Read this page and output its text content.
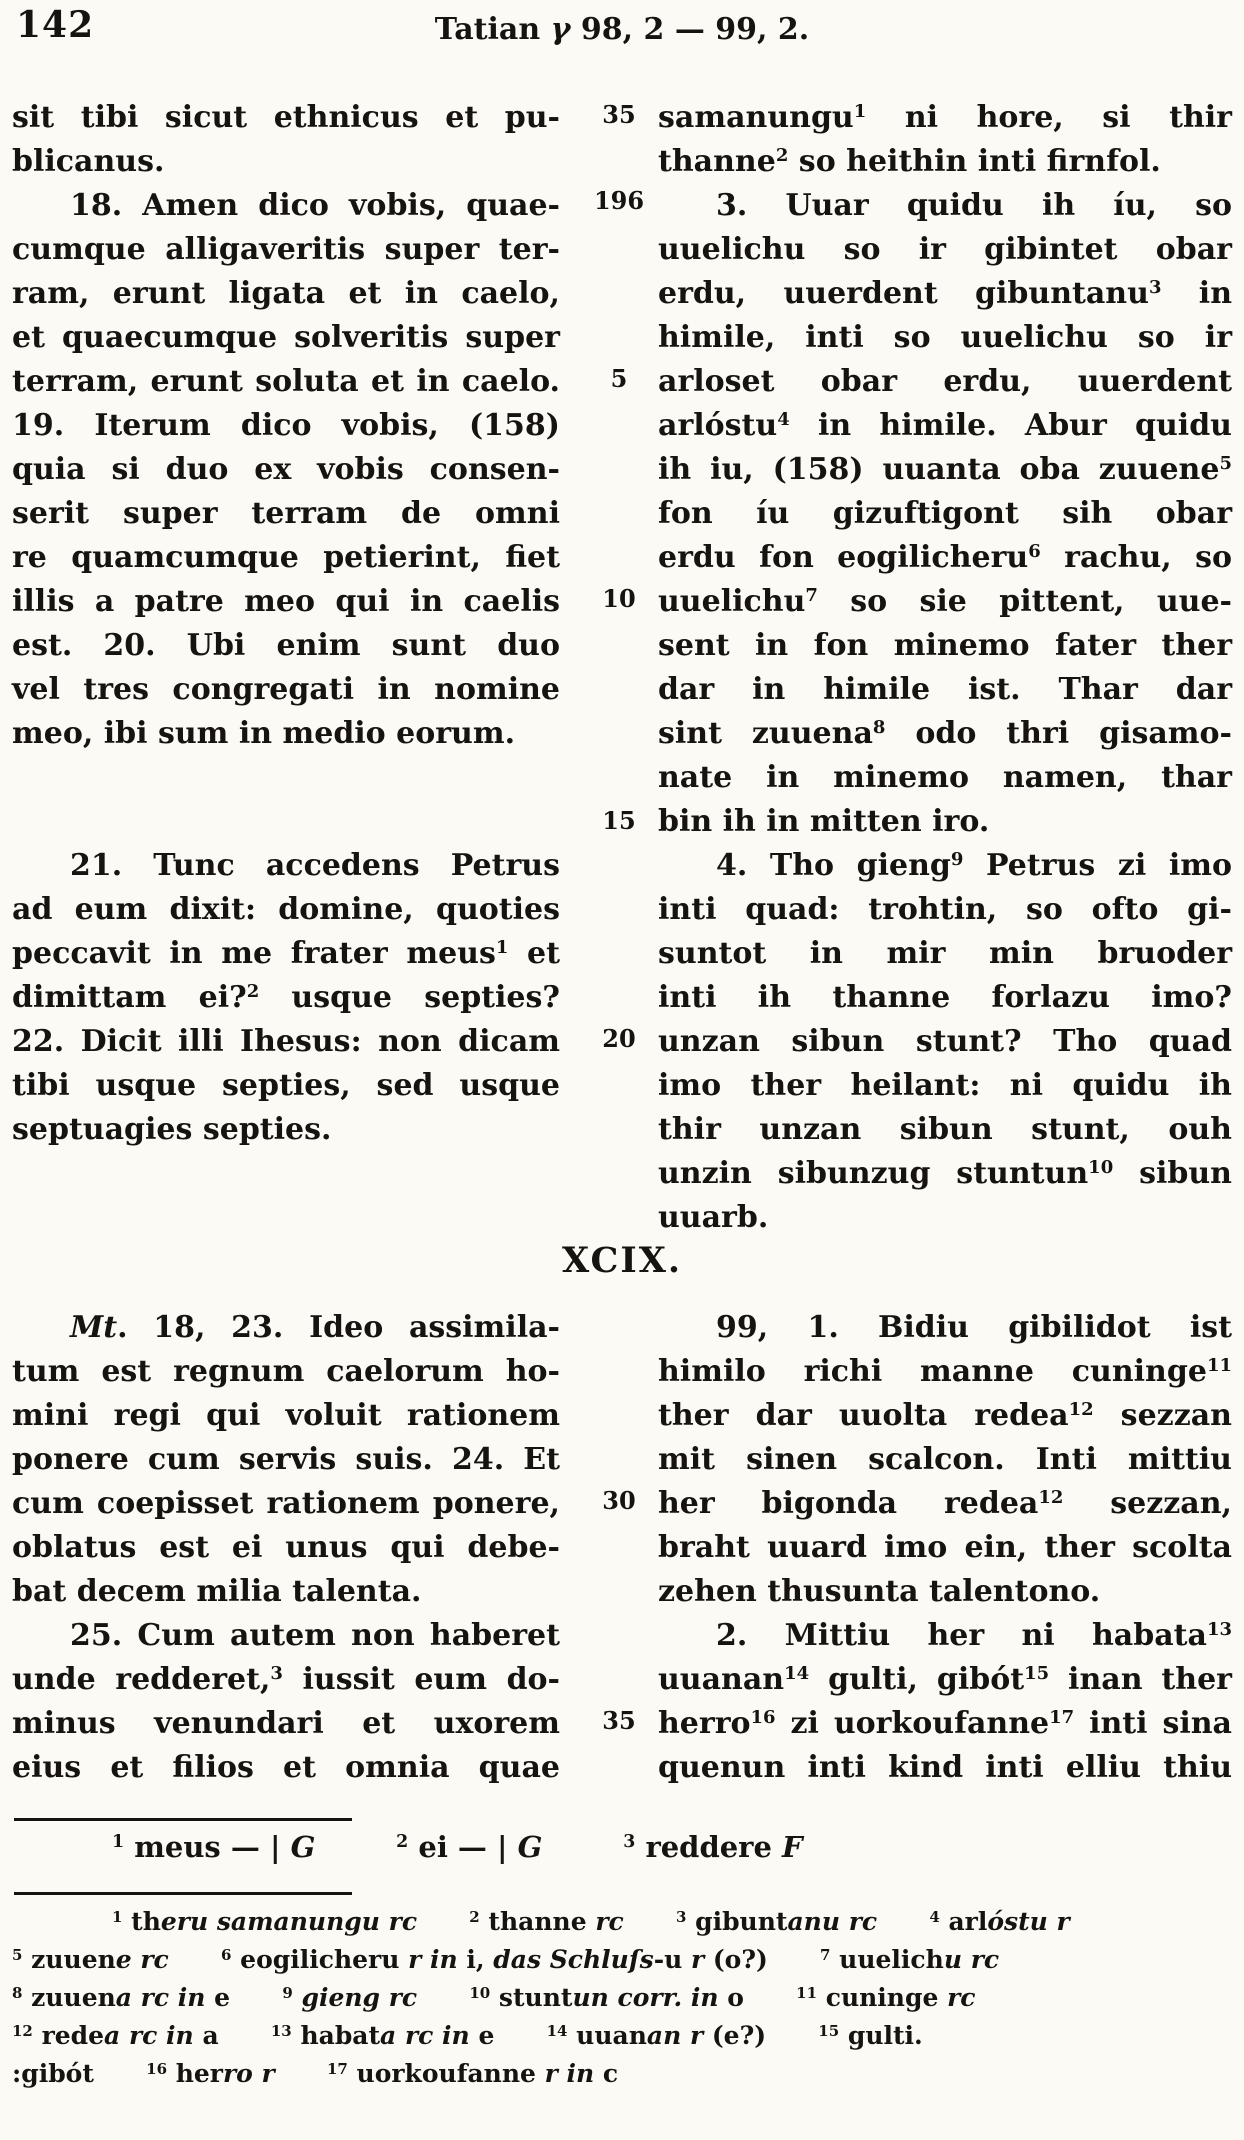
142	Tatian γ 98, 2 — 99, 2.
sit tibi sicut ethnicus et pu-
blicanus.
18. Amen dico vobis, quae-
cumque alligaveritis super ter-
ram, erunt ligata et in caelo,
et quaecumque solveritis super
terram, erunt soluta et in caelo.
19. Iterum dico vobis, (158)
quia si duo ex vobis consen-
serit super terram de omni
re quamcumque petierint, fiet
illis a patre meo qui in caelis
est. 20. Ubi enim sunt duo
vel tres congregati in nomine
meo, ibi sum in medio eorum.
21. Tunc accedens Petrus
ad eum dixit: domine, quoties
peccavit in me frater meus$^1$ et
dimittam ei?$^2$ usque septies?
22. Dicit illi Ihesus: non dicam
tibi usque septies, sed usque
septuagies septies.
samanungu$^1$ ni hore, si thir
thanne$^2$ so heithin inti firnfol.
3. Uuar quidu ih íu, so
uuelichu so ir gibintet obar
erdu, uuerdent gibuntanu$^3$ in
himile, inti so uuelichu so ir
arloset obar erdu, uuerdent
arlóstu$^4$ in himile. Abur quidu
ih iu, (158) uuanta oba zuuene$^5$
fon íu gizuftigont sih obar
erdu fon eogilicheru$^6$ rachu, so
uuelichu$^7$ so sie pittent, uue-
sent in fon minemo fater ther
dar in himile ist. Thar dar
sint zuuena$^8$ odo thri gisamo-
nate in minemo namen, thar
bin ih in mitten iro.
4. Tho gieng$^9$ Petrus zi imo
inti quad: trohtin, so ofto gi-
suntot in mir min bruoder
inti ih thanne forlazu imo?
unzan sibun stunt? Tho quad
imo ther heilant: ni quidu ih
thir unzan sibun stunt, ouh
unzin sibunzug stuntun$^{10}$ sibun
uuarb.
35
196
5
10
15
20
30
35
XCIX.
Mt. 18, 23. Ideo assimila-
tum est regnum caelorum ho-
mini regi qui voluit rationem
ponere cum servis suis. 24. Et
cum coepisset rationem ponere,
oblatus est ei unus qui debe-
bat decem milia talenta.
25. Cum autem non haberet
unde redderet,$^3$ iussit eum do-
minus venundari et uxorem
eius et filios et omnia quae
99, 1. Bidiu gibilidot ist
himilo richi manne cuninge$^{11}$
ther dar uuolta redea$^{12}$ sezzan
mit sinen scalcon. Inti mittiu
her bigonda redea$^{12}$ sezzan,
braht uuard imo ein, ther scolta
zehen thusunta talentono.
2. Mittiu her ni habata$^{13}$
uuanan$^{14}$ gulti, gibót$^{15}$ inan ther
herro$^{16}$ zi uorkoufanne$^{17}$ inti sina
quenun inti kind inti elliu thiu
$^1$ meus — | G	$^2$ ei — | G	$^3$ reddere F
$^1$ theru samanungu rc	$^2$ thanne rc	$^3$ gibuntanu rc	$^4$ arlóstu r
$^5$ zuuene rc	$^6$ eogilicheru r in i, das Schluſs-u r (o?)      $^7$ uuelichu rc
$^8$ zuuena rc in e      $^9$ gieng rc	$^{10}$ stuntun corr. in o      $^{11}$ cuninge rc
$^{12}$ redea rc in a      $^{13}$ habata rc in e      $^{14}$ uuanan r (e?)      $^{15}$ gulti.
:gibót      $^{16}$ herro r	$^{17}$ uorkoufanne r in c
